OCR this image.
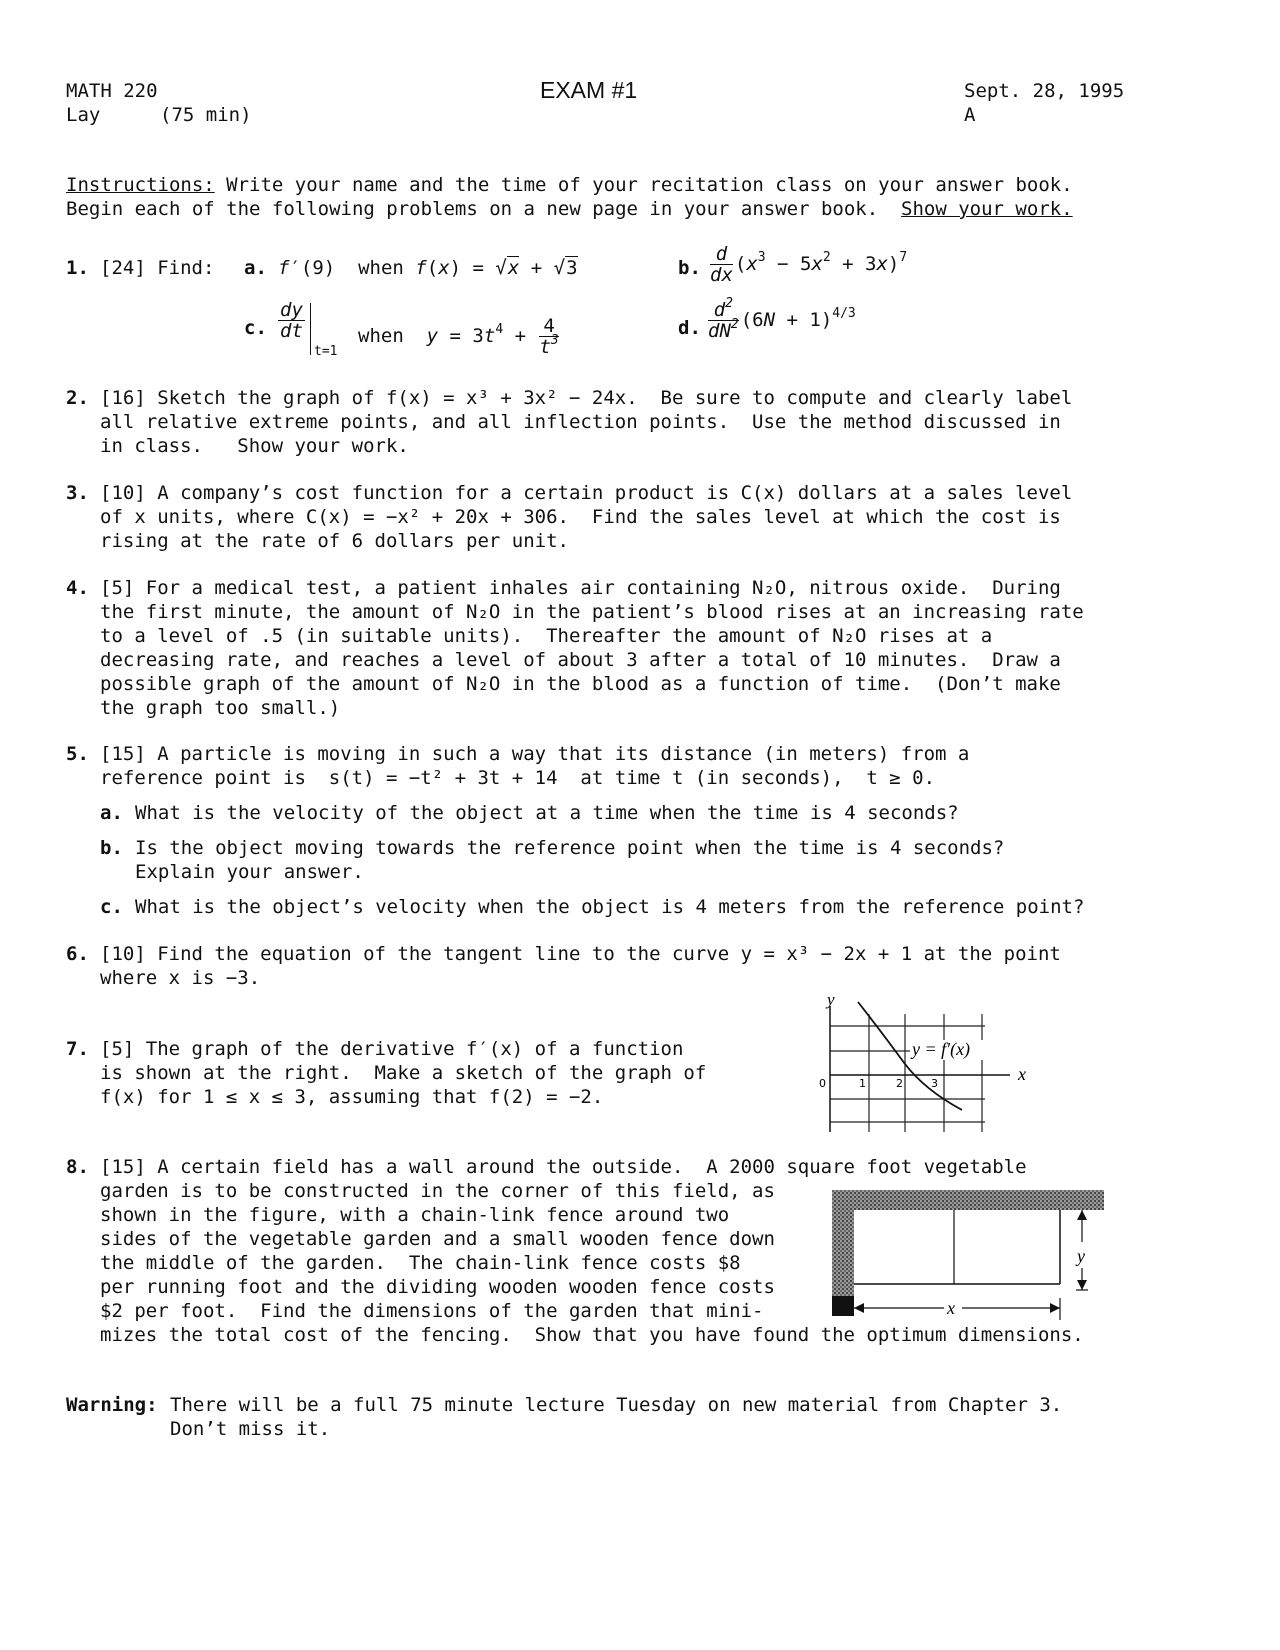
MATH 220
Lay	(75 min)
EXAM #1	Sept. 28, 1995
A
Instructions: Write your name and the time of your recitation class on your answer book.
Begin each of the following problems on a new page in your answer book.  Show your work.
1. [24] Find: a. f′(9)  when f(x) = √x + √3	b. $\frac{d}{dx} (x^3 - 5x^2 + 3x)^7$
c. $\frac{dy}{dt}$
t=1
when  $y = 3t^4 + \frac{4}{t^3}$	d. $\frac{d^2}{dN^2} (6N + 1)^{4/3}$
2. [16] Sketch the graph of f(x) = x³ + 3x² − 24x.  Be sure to compute and clearly label
all relative extreme points, and all inflection points.  Use the method discussed in
in class.   Show your work.
3. [10] A company’s cost function for a certain product is C(x) dollars at a sales level
of x units, where C(x) = −x² + 20x + 306.  Find the sales level at which the cost is
rising at the rate of 6 dollars per unit.
4. [5] For a medical test, a patient inhales air containing N₂O, nitrous oxide.  During
the first minute, the amount of N₂O in the patient’s blood rises at an increasing rate
to a level of .5 (in suitable units).  Thereafter the amount of N₂O rises at a
decreasing rate, and reaches a level of about 3 after a total of 10 minutes.  Draw a
possible graph of the amount of N₂O in the blood as a function of time.  (Don’t make
the graph too small.)
5. [15] A particle is moving in such a way that its distance (in meters) from a
reference point is  s(t) = −t² + 3t + 14  at time t (in seconds),  t ≥ 0.
a. What is the velocity of the object at a time when the time is 4 seconds?
b. Is the object moving towards the reference point when the time is 4 seconds?
Explain your answer.
c. What is the object’s velocity when the object is 4 meters from the reference point?
6. [10] Find the equation of the tangent line to the curve y = x³ − 2x + 1 at the point
where x is −3.
7. [5] The graph of the derivative f′(x) of a function
is shown at the right.  Make a sketch of the graph of
f(x) for 1 ≤ x ≤ 3, assuming that f(2) = −2.
y
x
y = f′(x)
0	1	2	3
8. [15] A certain field has a wall around the outside.  A 2000 square foot vegetable
garden is to be constructed in the corner of this field, as
shown in the figure, with a chain-link fence around two
sides of the vegetable garden and a small wooden fence down
the middle of the garden.  The chain-link fence costs $8
per running foot and the dividing wooden wooden fence costs
$2 per foot.  Find the dimensions of the garden that mini-
mizes the total cost of the fencing.  Show that you have found the optimum dimensions.
y
x
Warning: There will be a full 75 minute lecture Tuesday on new material from Chapter 3.
Don’t miss it.
